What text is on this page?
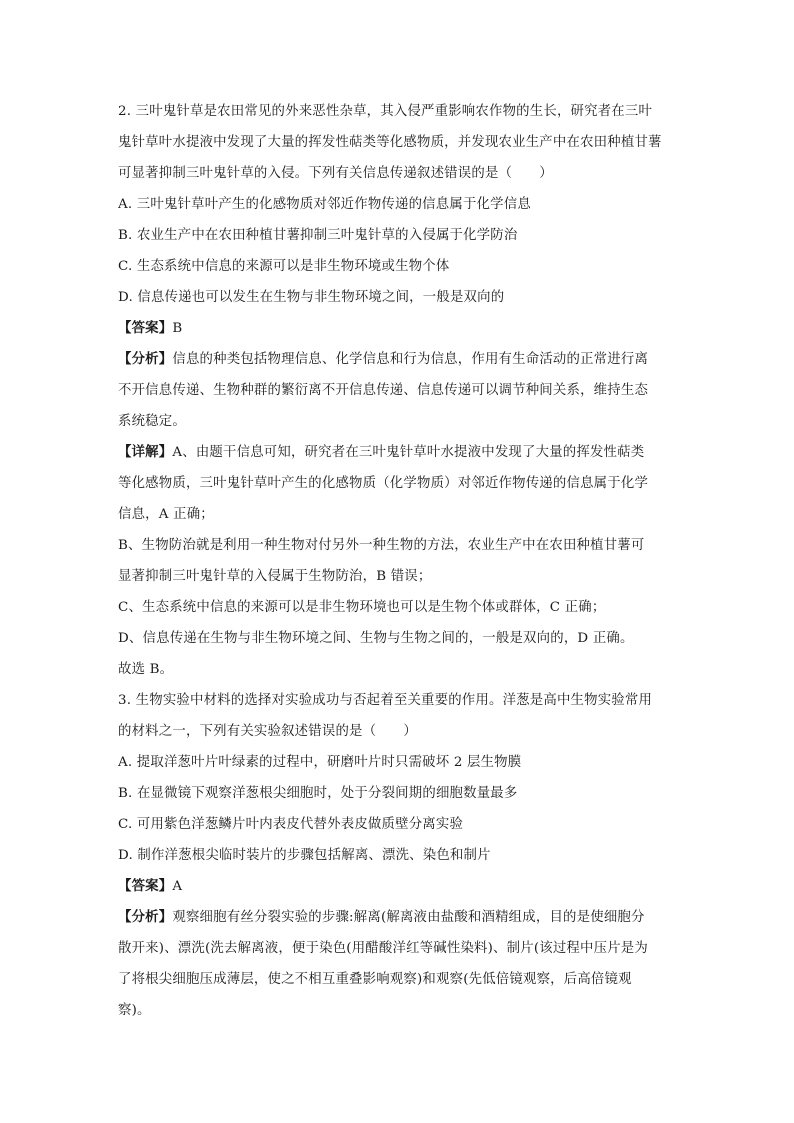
2. 三叶鬼针草是农田常见的外来恶性杂草，其入侵严重影响农作物的生长，研究者在三叶
鬼针草叶水提液中发现了大量的挥发性萜类等化感物质，并发现农业生产中在农田种植甘薯
可显著抑制三叶鬼针草的入侵。下列有关信息传递叙述错误的是（　　）
A. 三叶鬼针草叶产生的化感物质对邻近作物传递的信息属于化学信息
B. 农业生产中在农田种植甘薯抑制三叶鬼针草的入侵属于化学防治
C. 生态系统中信息的来源可以是非生物环境或生物个体
D. 信息传递也可以发生在生物与非生物环境之间，一般是双向的
【答案】B
【分析】信息的种类包括物理信息、化学信息和行为信息，作用有生命活动的正常进行离
不开信息传递、生物种群的繁衍离不开信息传递、信息传递可以调节种间关系，维持生态
系统稳定。
【详解】A、由题干信息可知，研究者在三叶鬼针草叶水提液中发现了大量的挥发性萜类
等化感物质，三叶鬼针草叶产生的化感物质（化学物质）对邻近作物传递的信息属于化学
信息，A 正确；
B、生物防治就是利用一种生物对付另外一种生物的方法，农业生产中在农田种植甘薯可
显著抑制三叶鬼针草的入侵属于生物防治，B 错误；
C、生态系统中信息的来源可以是非生物环境也可以是生物个体或群体，C 正确；
D、信息传递在生物与非生物环境之间、生物与生物之间的，一般是双向的，D 正确。
故选 B。
3. 生物实验中材料的选择对实验成功与否起着至关重要的作用。洋葱是高中生物实验常用
的材料之一，下列有关实验叙述错误的是（　　）
A. 提取洋葱叶片叶绿素的过程中，研磨叶片时只需破坏 2 层生物膜
B. 在显微镜下观察洋葱根尖细胞时，处于分裂间期的细胞数量最多
C. 可用紫色洋葱鳞片叶内表皮代替外表皮做质壁分离实验
D. 制作洋葱根尖临时装片的步骤包括解离、漂洗、染色和制片
【答案】A
【分析】观察细胞有丝分裂实验的步骤:解离(解离液由盐酸和酒精组成，目的是使细胞分
散开来)、漂洗(洗去解离液，便于染色(用醋酸洋红等碱性染料)、制片(该过程中压片是为
了将根尖细胞压成薄层，使之不相互重叠影响观察)和观察(先低倍镜观察，后高倍镜观
察)。
